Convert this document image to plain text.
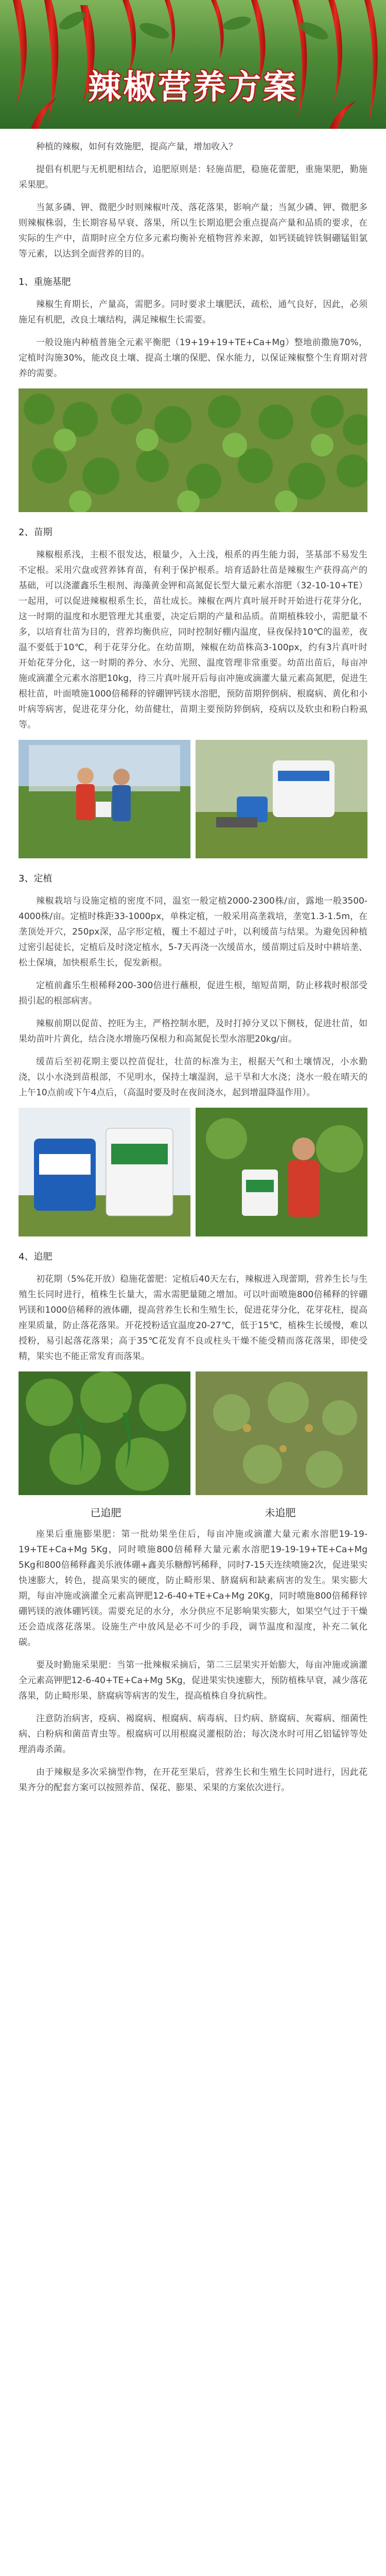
辣椒营养方案

种植的辣椒，如何有效施肥，提高产量，增加收入？

提倡有机肥与无机肥相结合，追肥原则是：轻施苗肥，稳施花蕾肥，重施果肥，勤施采果肥。

当氮多磷、钾、微肥少时则辣椒叶茂、落花落果，影响产量；当氮少磷、钾、微肥多则辣椒株弱，生长期容易早衰、落果，所以生长期追肥会重点提高产量和品质的要求，在实际的生产中，苗期时应全方位多元素均衡补充植物营养来源，如钙镁硫锌铁铜硼锰钼氯等元素，以达到全面营养的目的。

1、重施基肥

辣椒生育期长，产量高，需肥多。同时要求土壤肥沃，疏松，通气良好，因此，必须施足有机肥，改良土壤结构，满足辣椒生长需要。

一般设施内种植普施全元素平衡肥（19+19+19+TE+Ca+Mg）整地前撒施70%，定植时沟施30%，能改良土壤、提高土壤的保肥、保水能力，以保证辣椒整个生育期对营养的需要。

2、苗期

辣椒根系浅，主根不很发达，根量少，入土浅，根系的再生能力弱，茎基部不易发生不定根。采用穴盘或营养钵育苗，有利于保护根系。培育适龄壮苗是辣椒生产获得高产的基础，可以浇灌鑫乐生根剂、海藻黄金钾和高氮促长型大量元素水溶肥（32-10-10+TE）一起用，可以促进辣椒根系生长，苗壮成长。辣椒在两片真叶展开时开始进行花芽分化，这一时期的温度和水肥管理尤其重要，决定后期的产量和品质。苗期植株较小，需肥量不多，以培育壮苗为目的，营养均衡供应，同时控制好棚内温度，昼夜保持10℃的温差，夜温不要低于10℃，利于花芽分化。在幼苗期，辣椒在幼苗株高3-100px，约有3片真叶时开始花芽分化，这一时期的养分、水分、光照、温度管理非常重要。幼苗出苗后，每亩冲施或滴灌全元素水溶肥10kg，待三片真叶展开后每亩冲施或滴灌大量元素高氮肥，促进生根壮苗，叶面喷施1000倍稀释的锌硼钾钙镁水溶肥，预防苗期猝倒病、根腐病、黄化和小叶病等病害，促进花芽分化，幼苗健壮，苗期主要预防猝倒病，疫病以及软虫和粉白粉虱等。

3、定植

辣椒栽培与设施定植的密度不同，温室一般定植2000-2300株/亩，露地一般3500-4000株/亩。定植时株距33-1000px，单株定植，一般采用高垄栽培，垄宽1.3-1.5m，在垄顶处开穴，250px深，品字形定植，覆土不超过子叶，以利缓苗与结果。为避免因种植过密引起徒长，定植后及时浇定植水，5-7天再浇一次缓苗水，缓苗期过后及时中耕培垄、松土保墒，加快根系生长，促发新根。

定植前鑫乐生根稀释200-300倍进行蘸根，促进生根，缩短苗期，防止移栽时根部受损引起的根部病害。

辣椒前期以促苗、控旺为主，严格控制水肥，及时打掉分叉以下侧枝，促进壮苗，如果幼苗叶片黄化，结合浇水增施巧保根力和高氮促长型水溶肥20kg/亩。

缓苗后至初花期主要以控苗促壮，壮苗的标准为主，根据天气和土壤情况，小水勤浇，以小水浇到苗根部，不见明水，保持土壤湿润，忌干旱和大水浇；浇水一般在晴天的上午10点前或下午4点后，（高温时要及时在夜间浇水，起到增温降温作用）。

4、追肥

初花期（5%花开放）稳施花蕾肥：定植后40天左右，辣椒进入现蕾期，营养生长与生殖生长同时进行，植株生长量大，需水需肥量随之增加。可以叶面喷施800倍稀释的锌硼钙镁和1000倍稀释的液体硼，提高营养生长和生殖生长，促进花芽分化，花芽花柱，提高座果质量，防止落花落果。开花授粉适宜温度20-27℃，低于15℃，植株生长缓慢，难以授粉，易引起落花落果；高于35℃花发育不良或柱头干燥不能受精而落花落果，即使受精，果实也不能正常发育而落果。

已追肥	未追肥

座果后重施膨果肥：第一批幼果坐住后，每亩冲施或滴灌大量元素水溶肥19-19-19+TE+Ca+Mg 5Kg，同时喷施800倍稀释大量元素水溶肥19-19-19+TE+Ca+Mg 5Kg和800倍稀释鑫美乐液体硼+鑫美乐糖醇钙稀释，同时7-15天连续喷施2次，促进果实快速膨大，转色，提高果实的硬度，防止畸形果、脐腐病和缺素病害的发生。果实膨大期，每亩冲施或滴灌全元素高钾肥12-6-40+TE+Ca+Mg 20Kg，同时喷施800倍稀释锌硼钙镁的液体硼钙镁。需要充足的水分，水分供应不足影响果实膨大，如果空气过于干燥还会造成落花落果。设施生产中放风是必不可少的手段，调节温度和湿度，补充二氧化碳。

要及时勤施采果肥：当第一批辣椒采摘后，第二三层果实开始膨大，每亩冲施或滴灌全元素高钾肥12-6-40+TE+Ca+Mg 5Kg，促进果实快速膨大，预防植株早衰，减少落花落果，防止畸形果、脐腐病等病害的发生，提高植株自身抗病性。

注意防治病害，疫病、褐腐病、根腐病、病毒病、日灼病、脐腐病、灰霉病、细菌性病、白粉病和菌苗青虫等。根腐病可以用根腐灵灌根防治；每次浇水时可用乙铝锰锌等处理消毒杀菌。

由于辣椒是多次采摘型作物，在开花至果后，营养生长和生殖生长同时进行，因此花果齐分的配套方案可以按照养苗、保花、膨果、采果的方案依次进行。
